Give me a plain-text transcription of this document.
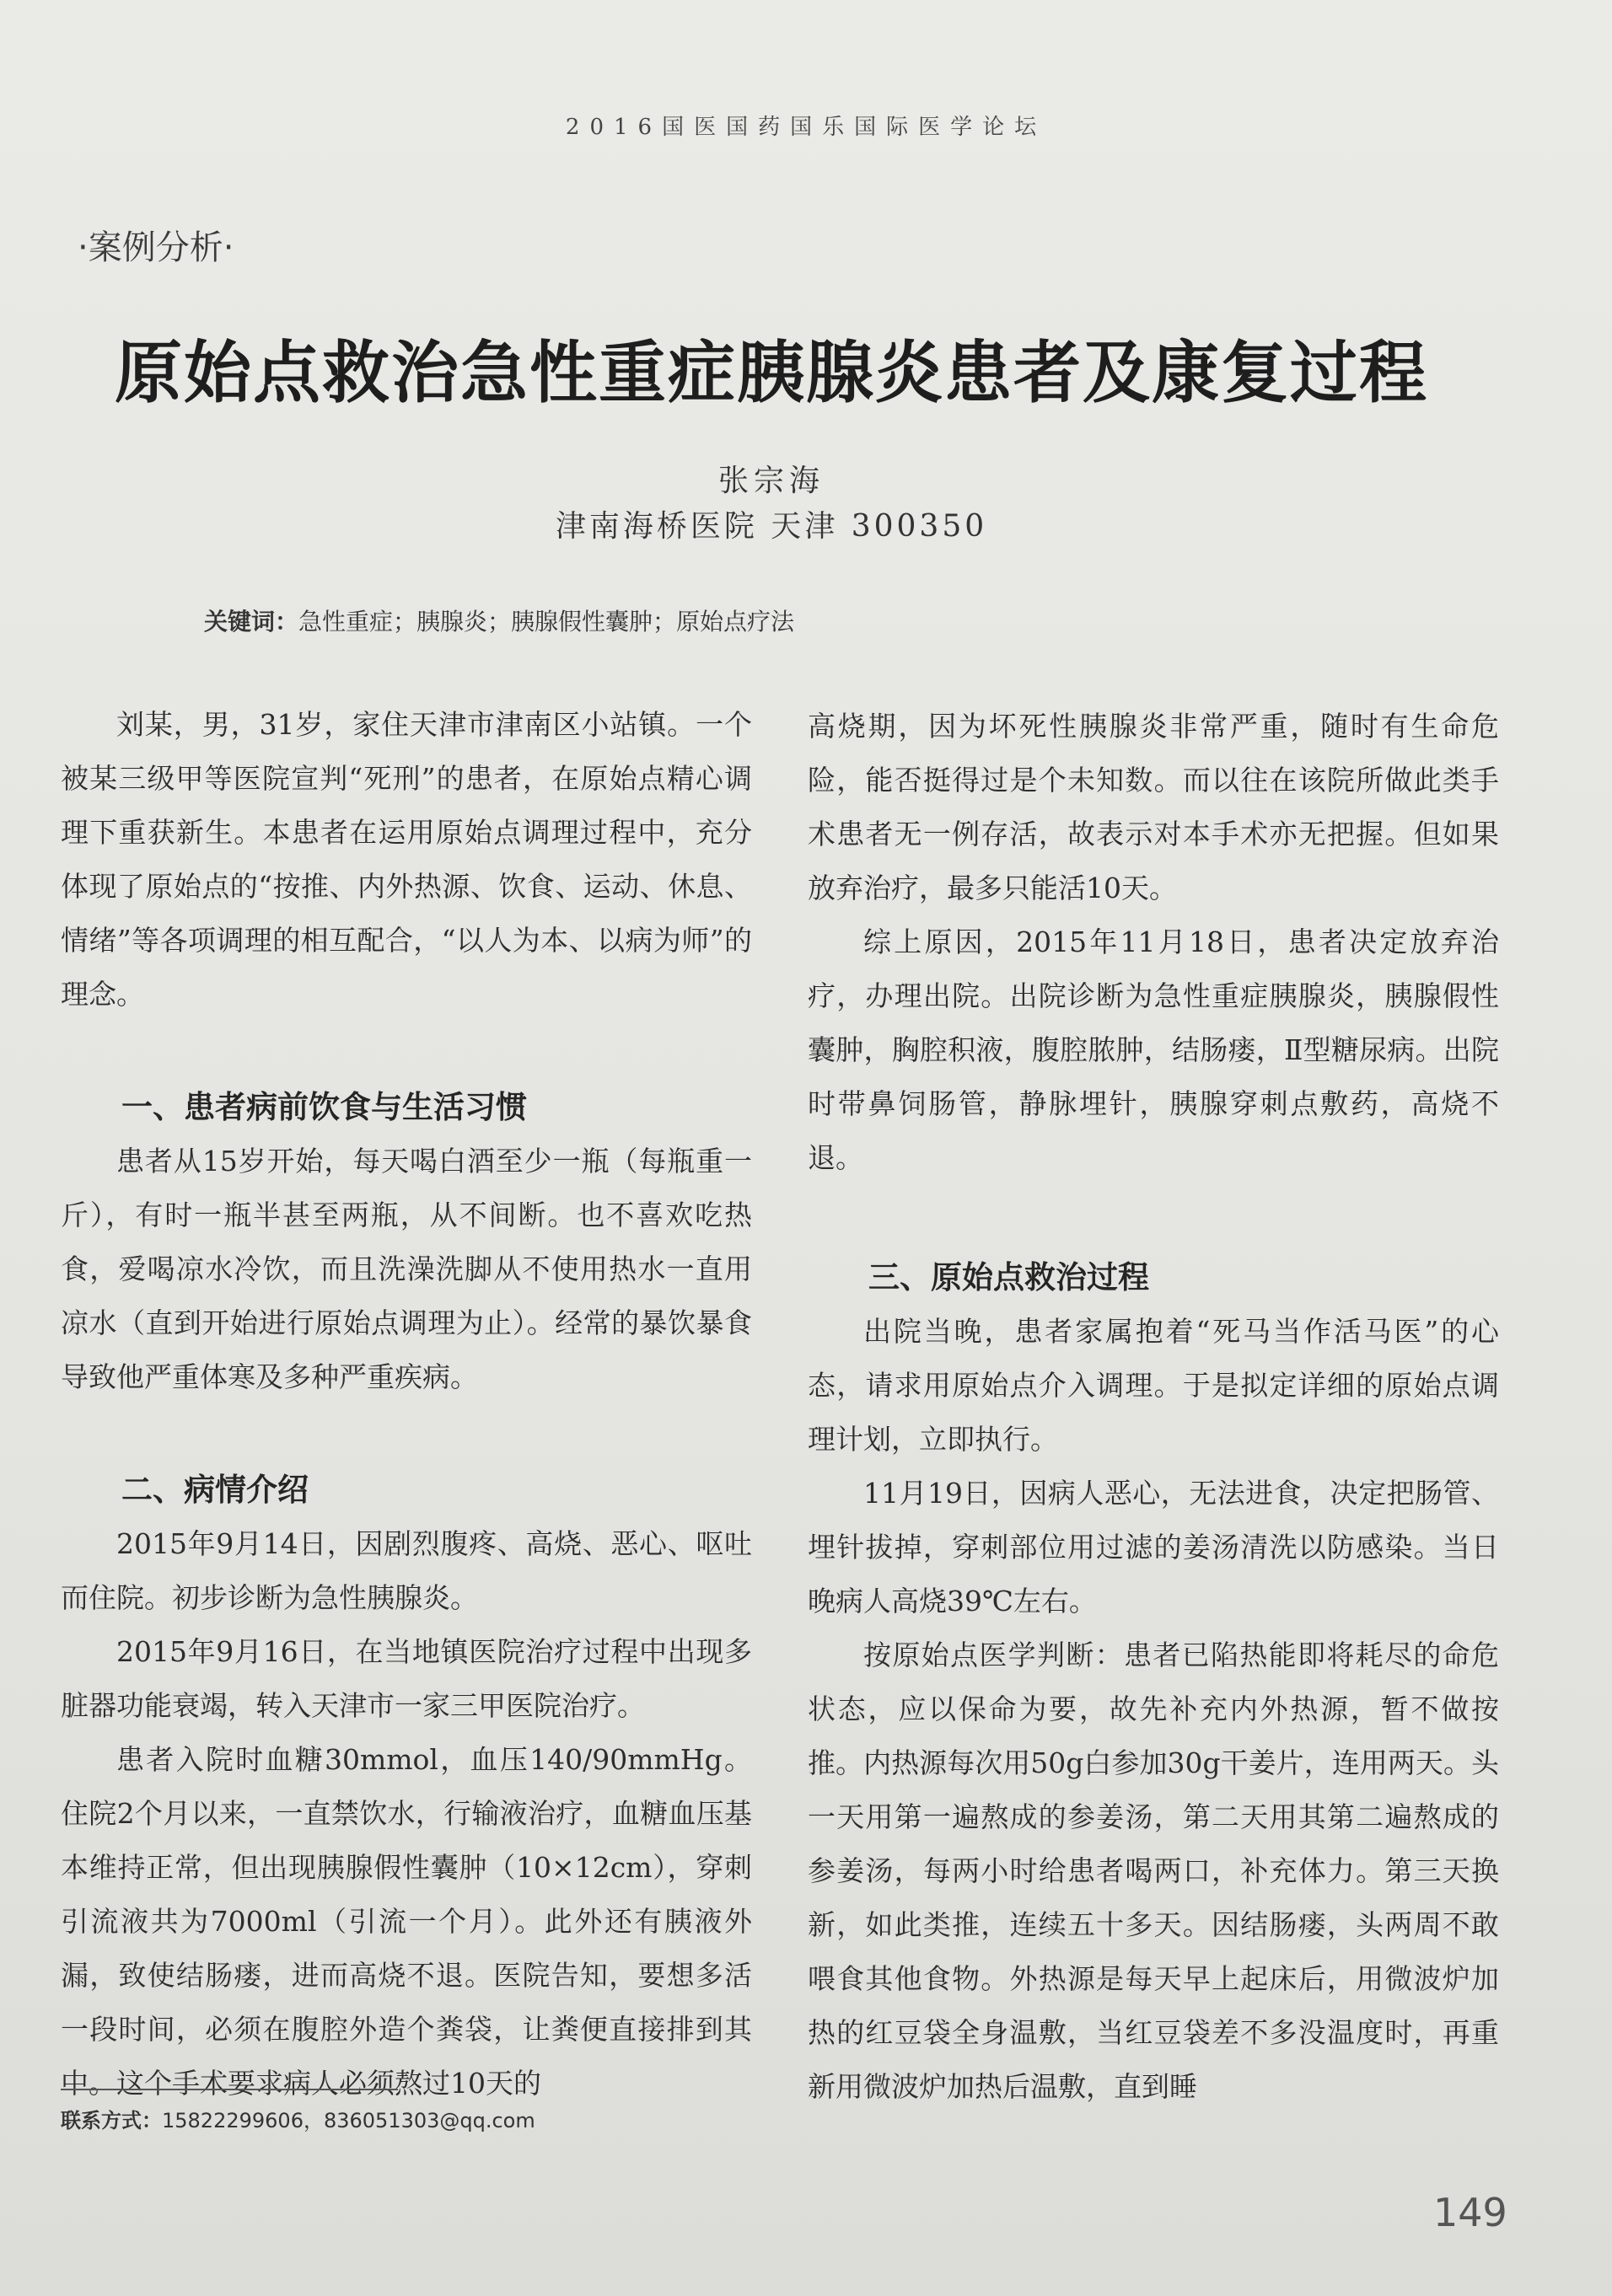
2016国医国药国乐国际医学论坛
·案例分析·
原始点救治急性重症胰腺炎患者及康复过程
张宗海
津南海桥医院 天津 300350
关键词：急性重症；胰腺炎；胰腺假性囊肿；原始点疗法

刘某，男，31岁，家住天津市津南区小站镇。一个被某三级甲等医院宣判“死刑”的患者，在原始点精心调理下重获新生。本患者在运用原始点调理过程中，充分体现了原始点的“按推、内外热源、饮食、运动、休息、情绪”等各项调理的相互配合，“以人为本、以病为师”的理念。

一、患者病前饮食与生活习惯

患者从15岁开始，每天喝白酒至少一瓶（每瓶重一斤），有时一瓶半甚至两瓶，从不间断。也不喜欢吃热食，爱喝凉水冷饮，而且洗澡洗脚从不使用热水一直用凉水（直到开始进行原始点调理为止）。经常的暴饮暴食导致他严重体寒及多种严重疾病。

二、病情介绍

2015年9月14日，因剧烈腹疼、高烧、恶心、呕吐而住院。初步诊断为急性胰腺炎。

2015年9月16日，在当地镇医院治疗过程中出现多脏器功能衰竭，转入天津市一家三甲医院治疗。

患者入院时血糖30mmol，血压140/90mmHg。住院2个月以来，一直禁饮水，行输液治疗，血糖血压基本维持正常，但出现胰腺假性囊肿（10×12cm），穿刺引流液共为7000ml（引流一个月）。此外还有胰液外漏，致使结肠瘘，进而高烧不退。医院告知，要想多活一段时间，必须在腹腔外造个粪袋，让粪便直接排到其中。这个手术要求病人必须熬过10天的

高烧期，因为坏死性胰腺炎非常严重，随时有生命危险，能否挺得过是个未知数。而以往在该院所做此类手术患者无一例存活，故表示对本手术亦无把握。但如果放弃治疗，最多只能活10天。

综上原因，2015年11月18日，患者决定放弃治疗，办理出院。出院诊断为急性重症胰腺炎，胰腺假性囊肿，胸腔积液，腹腔脓肿，结肠瘘，Ⅱ型糖尿病。出院时带鼻饲肠管，静脉埋针，胰腺穿刺点敷药，高烧不退。

三、原始点救治过程

出院当晚，患者家属抱着“死马当作活马医”的心态，请求用原始点介入调理。于是拟定详细的原始点调理计划，立即执行。

11月19日，因病人恶心，无法进食，决定把肠管、埋针拔掉，穿刺部位用过滤的姜汤清洗以防感染。当日晚病人高烧39℃左右。

按原始点医学判断：患者已陷热能即将耗尽的命危状态，应以保命为要，故先补充内外热源，暂不做按推。内热源每次用50g白参加30g干姜片，连用两天。头一天用第一遍熬成的参姜汤，第二天用其第二遍熬成的参姜汤，每两小时给患者喝两口，补充体力。第三天换新，如此类推，连续五十多天。因结肠瘘，头两周不敢喂食其他食物。外热源是每天早上起床后，用微波炉加热的红豆袋全身温敷，当红豆袋差不多没温度时，再重新用微波炉加热后温敷，直到睡

联系方式：15822299606，836051303@qq.com
149
